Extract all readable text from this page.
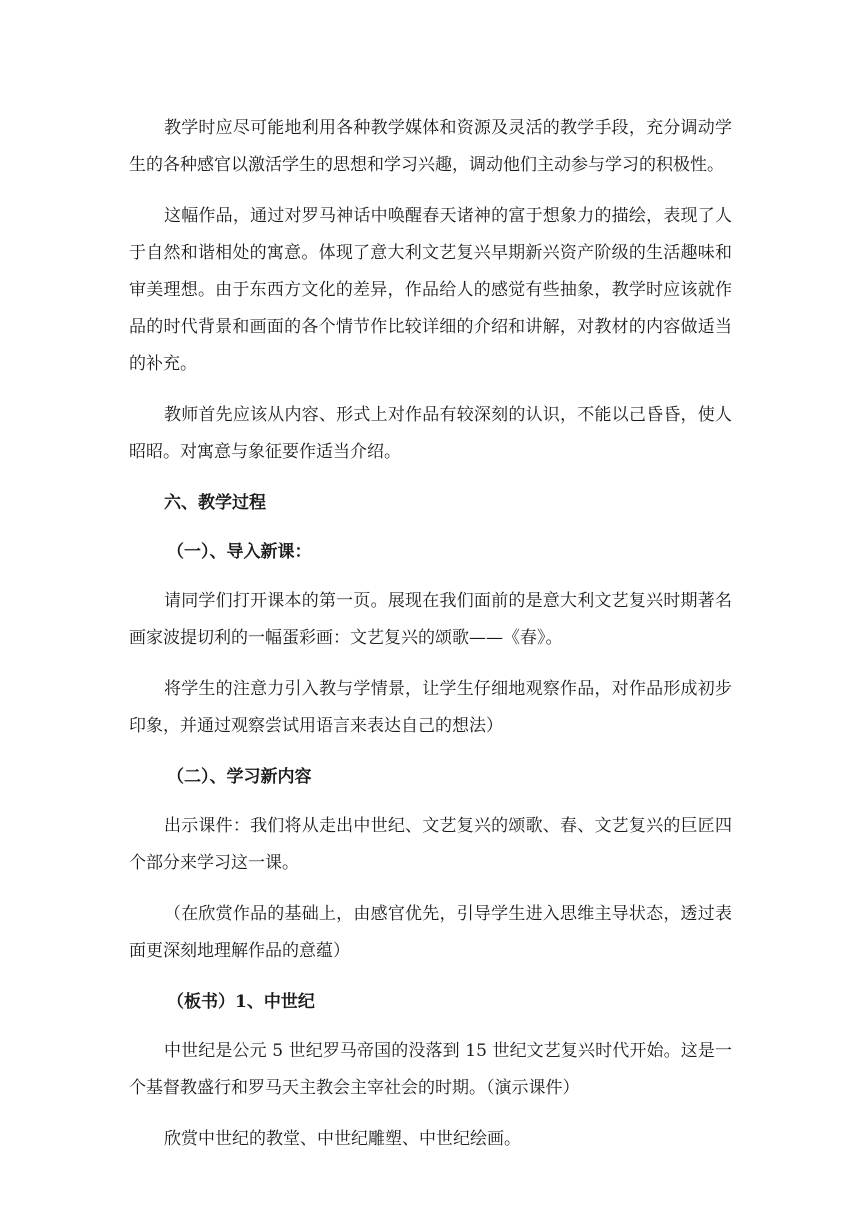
教学时应尽可能地利用各种教学媒体和资源及灵活的教学手段，充分调动学生的各种感官以激活学生的思想和学习兴趣，调动他们主动参与学习的积极性。

这幅作品，通过对罗马神话中唤醒春天诸神的富于想象力的描绘，表现了人于自然和谐相处的寓意。体现了意大利文艺复兴早期新兴资产阶级的生活趣味和审美理想。由于东西方文化的差异，作品给人的感觉有些抽象，教学时应该就作品的时代背景和画面的各个情节作比较详细的介绍和讲解，对教材的内容做适当的补充。

教师首先应该从内容、形式上对作品有较深刻的认识，不能以己昏昏，使人昭昭。对寓意与象征要作适当介绍。

六、教学过程

（一）、导入新课：

请同学们打开课本的第一页。展现在我们面前的是意大利文艺复兴时期著名画家波提切利的一幅蛋彩画：文艺复兴的颂歌——《春》。

将学生的注意力引入教与学情景，让学生仔细地观察作品，对作品形成初步印象，并通过观察尝试用语言来表达自己的想法）

（二）、学习新内容

出示课件：我们将从走出中世纪、文艺复兴的颂歌、春、文艺复兴的巨匠四个部分来学习这一课。

（在欣赏作品的基础上，由感官优先，引导学生进入思维主导状态，透过表面更深刻地理解作品的意蕴）

（板书）1、中世纪

中世纪是公元 5 世纪罗马帝国的没落到 15 世纪文艺复兴时代开始。这是一个基督教盛行和罗马天主教会主宰社会的时期。（演示课件）

欣赏中世纪的教堂、中世纪雕塑、中世纪绘画。
